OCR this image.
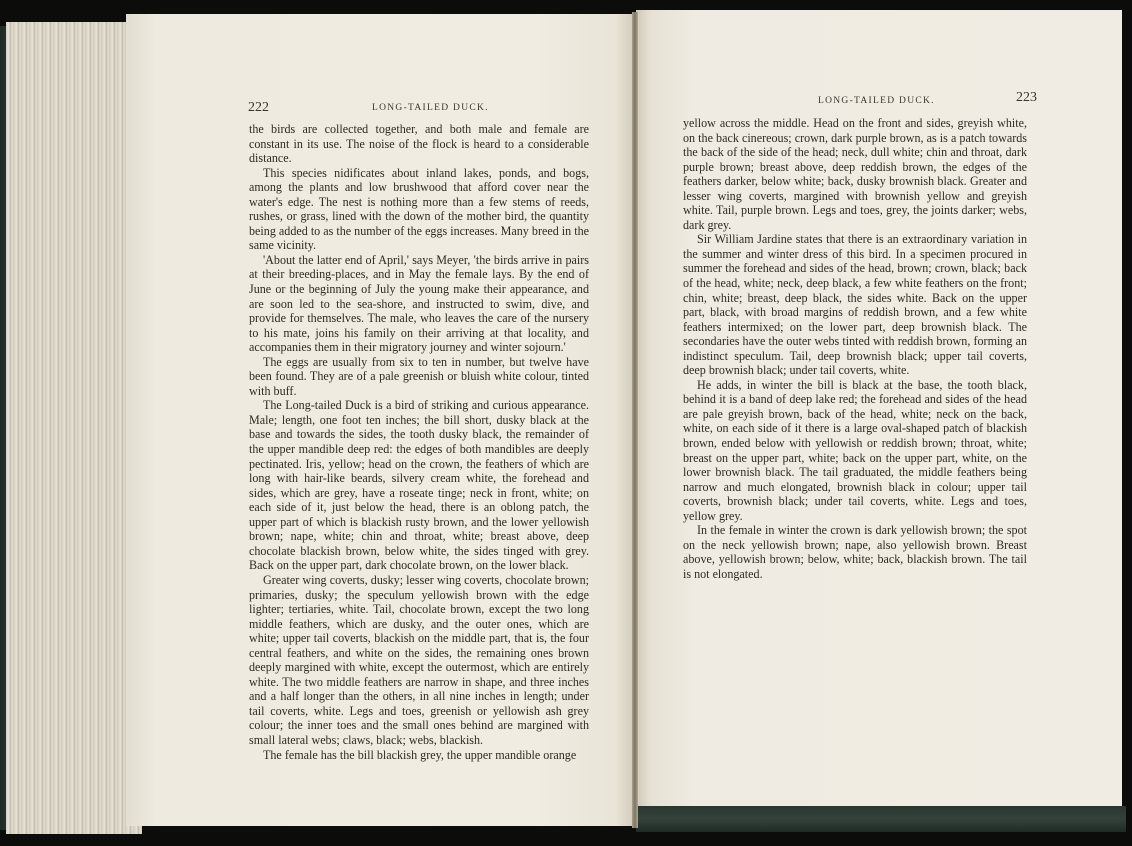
222	LONG-TAILED DUCK.

the birds are collected together, and both male and female are constant in its use. The noise of the flock is heard to a considerable distance.

This species nidificates about inland lakes, ponds, and bogs, among the plants and low brushwood that afford cover near the water's edge. The nest is nothing more than a few stems of reeds, rushes, or grass, lined with the down of the mother bird, the quantity being added to as the number of the eggs increases. Many breed in the same vicinity.

'About the latter end of April,' says Meyer, 'the birds arrive in pairs at their breeding-places, and in May the female lays. By the end of June or the beginning of July the young make their appearance, and are soon led to the sea-shore, and instructed to swim, dive, and provide for themselves. The male, who leaves the care of the nursery to his mate, joins his family on their arriving at that locality, and accompanies them in their migratory journey and winter sojourn.'

The eggs are usually from six to ten in number, but twelve have been found. They are of a pale greenish or bluish white colour, tinted with buff.

The Long-tailed Duck is a bird of striking and curious appearance. Male; length, one foot ten inches; the bill short, dusky black at the base and towards the sides, the tooth dusky black, the remainder of the upper mandible deep red: the edges of both mandibles are deeply pectinated. Iris, yellow; head on the crown, the feathers of which are long with hair-like beards, silvery cream white, the forehead and sides, which are grey, have a roseate tinge; neck in front, white; on each side of it, just below the head, there is an oblong patch, the upper part of which is blackish rusty brown, and the lower yellowish brown; nape, white; chin and throat, white; breast above, deep chocolate blackish brown, below white, the sides tinged with grey. Back on the upper part, dark chocolate brown, on the lower black.

Greater wing coverts, dusky; lesser wing coverts, chocolate brown; primaries, dusky; the speculum yellowish brown with the edge lighter; tertiaries, white. Tail, chocolate brown, except the two long middle feathers, which are dusky, and the outer ones, which are white; upper tail coverts, blackish on the middle part, that is, the four central feathers, and white on the sides, the remaining ones brown deeply margined with white, except the outermost, which are entirely white. The two middle feathers are narrow in shape, and three inches and a half longer than the others, in all nine inches in length; under tail coverts, white. Legs and toes, greenish or yellowish ash grey colour; the inner toes and the small ones behind are margined with small lateral webs; claws, black; webs, blackish.

The female has the bill blackish grey, the upper mandible orange

LONG-TAILED DUCK.	223

yellow across the middle. Head on the front and sides, greyish white, on the back cinereous; crown, dark purple brown, as is a patch towards the back of the side of the head; neck, dull white; chin and throat, dark purple brown; breast above, deep reddish brown, the edges of the feathers darker, below white; back, dusky brownish black. Greater and lesser wing coverts, margined with brownish yellow and greyish white. Tail, purple brown. Legs and toes, grey, the joints darker; webs, dark grey.

Sir William Jardine states that there is an extraordinary variation in the summer and winter dress of this bird. In a specimen procured in summer the forehead and sides of the head, brown; crown, black; back of the head, white; neck, deep black, a few white feathers on the front; chin, white; breast, deep black, the sides white. Back on the upper part, black, with broad margins of reddish brown, and a few white feathers intermixed; on the lower part, deep brownish black. The secondaries have the outer webs tinted with reddish brown, forming an indistinct speculum. Tail, deep brownish black; upper tail coverts, deep brownish black; under tail coverts, white.

He adds, in winter the bill is black at the base, the tooth black, behind it is a band of deep lake red; the forehead and sides of the head are pale greyish brown, back of the head, white; neck on the back, white, on each side of it there is a large oval-shaped patch of blackish brown, ended below with yellowish or reddish brown; throat, white; breast on the upper part, white; back on the upper part, white, on the lower brownish black. The tail graduated, the middle feathers being narrow and much elongated, brownish black in colour; upper tail coverts, brownish black; under tail coverts, white. Legs and toes, yellow grey.

In the female in winter the crown is dark yellowish brown; the spot on the neck yellowish brown; nape, also yellowish brown. Breast above, yellowish brown; below, white; back, blackish brown. The tail is not elongated.
